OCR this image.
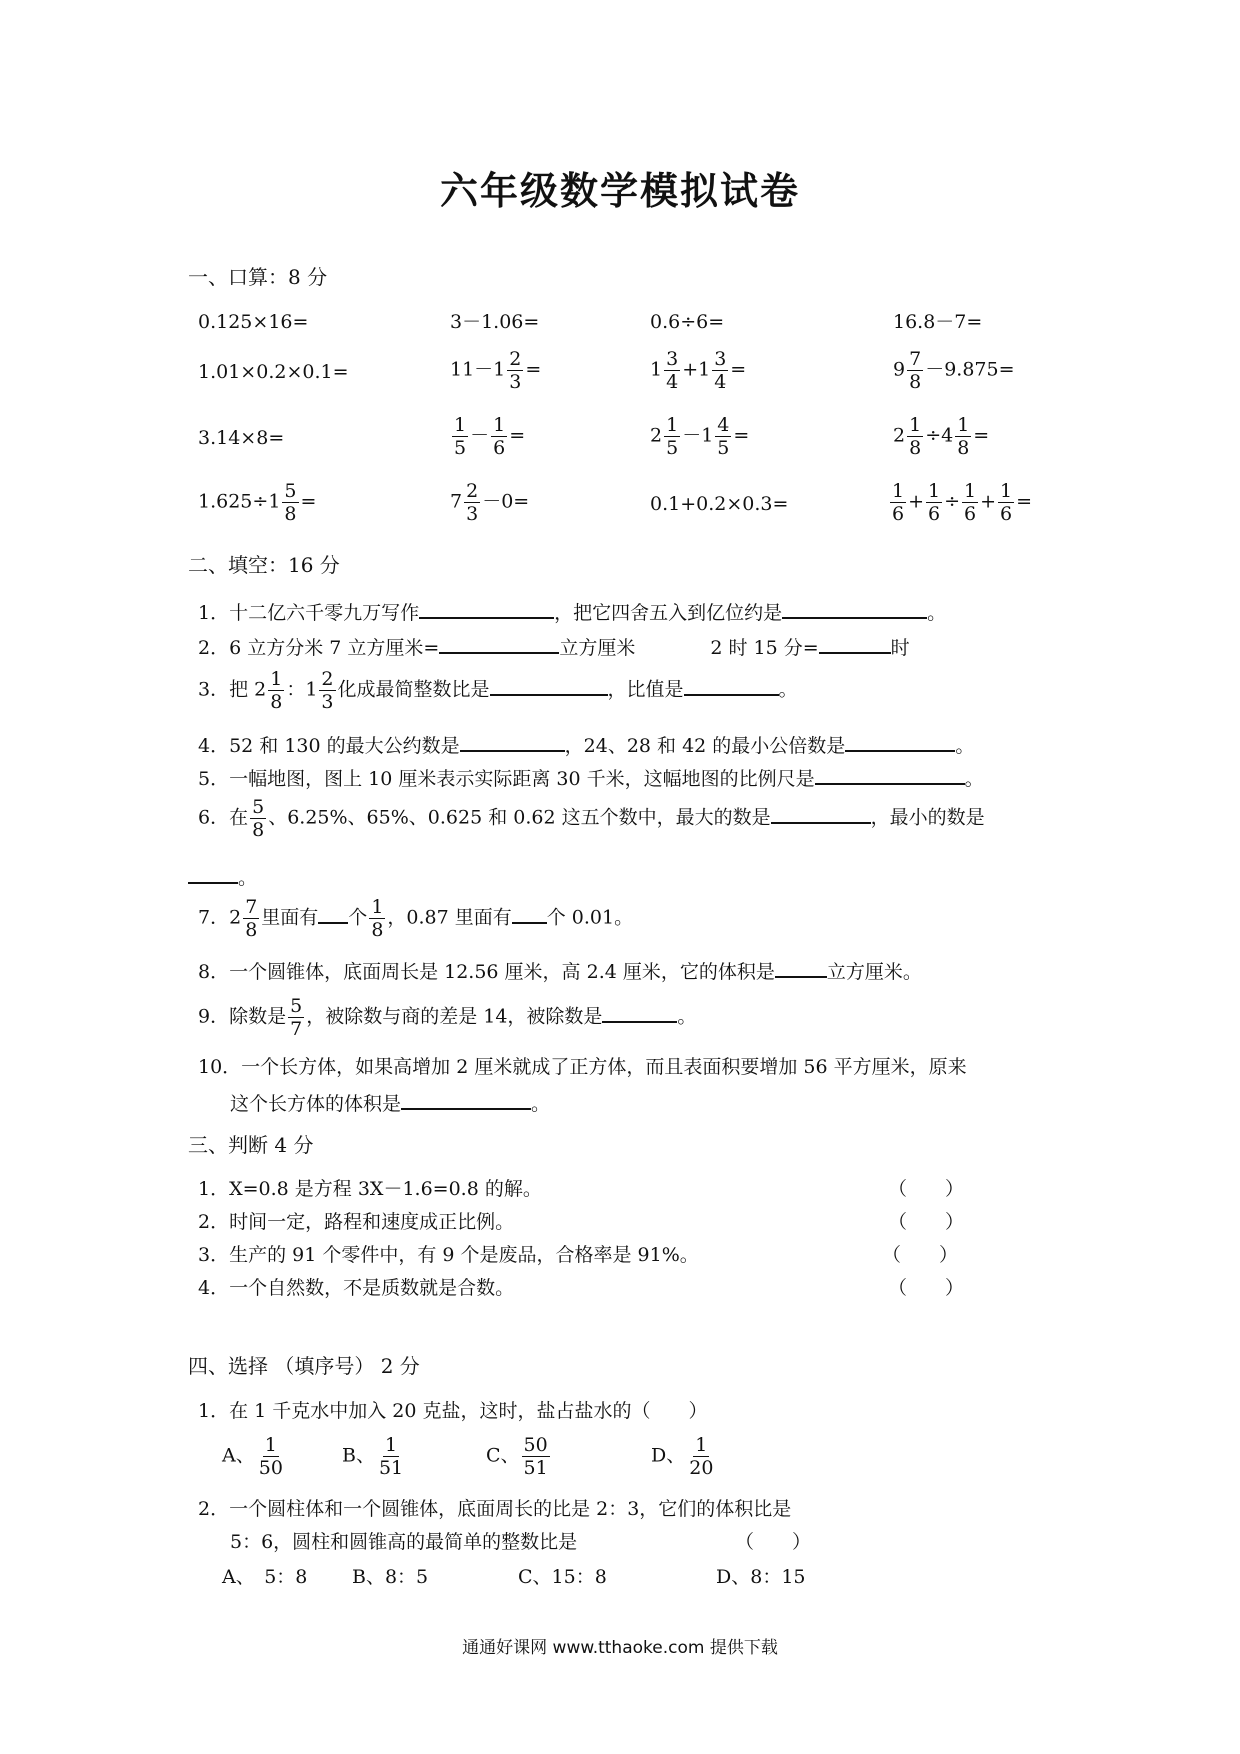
六年级数学模拟试卷
一、口算：8 分
0.125×16=	3－1.06=	0.6÷6=	16.8－7=
1.01×0.2×0.1=	$11-1 \frac{2}{3}$ =	$1 \frac{3}{4} +1 \frac{3}{4}$ =	$9 \frac{7}{8} -9.875=$
3.14×8=	$\frac{1}{5} - \frac{1}{6}$ =	$2 \frac{1}{5} -1 \frac{4}{5}$ =	$2 \frac{1}{8} \div 4 \frac{1}{8}$ =
$1.625\div 1 \frac{5}{8}$ =	$7 \frac{2}{3} -0=$	0.1+0.2×0.3=	$\frac{1}{6} + \frac{1}{6} \div \frac{1}{6} + \frac{1}{6}$ =
二、填空：16 分
1．十二亿六千零九万写作	，把它四舍五入到亿位约是	。
2．6 立方分米 7 立方厘米=	立方厘米	2 时 15 分=	时
3．把 $2 \frac{1}{8}$ ：$1 \frac{2}{3}$ 化成最简整数比是	，比值是	。
4．52 和 130 的最大公约数是	，24、28 和 42 的最小公倍数是	。
5．一幅地图，图上 10 厘米表示实际距离 30 千米，这幅地图的比例尺是	。
6．在 $\frac{5}{8}$ 、6.25%、65%、0.625 和 0.62 这五个数中，最大的数是	，最小的数是
。
7．$2 \frac{7}{8}$ 里面有 个 $\frac{1}{8}$ ，0.87 里面有 个 0.01。
8．一个圆锥体，底面周长是 12.56 厘米，高 2.4 厘米，它的体积是	立方厘米。
9．除数是 $\frac{5}{7}$ ，被除数与商的差是 14，被除数是	。
10．一个长方体，如果高增加 2 厘米就成了正方体，而且表面积要增加 56 平方厘米，原来
这个长方体的体积是	。
三、判断 4 分
1．X=0.8 是方程 3X－1.6=0.8 的解。	（　　）
2．时间一定，路程和速度成正比例。	（　　）
3．生产的 91 个零件中，有 9 个是废品，合格率是 91%。	（　　）
4．一个自然数，不是质数就是合数。	（　　）
四、选择 （填序号） 2 分
1．在 1 千克水中加入 20 克盐，这时，盐占盐水的（　　）
A、 $\frac{1}{50}$	B、 $\frac{1}{51}$	C、 $\frac{50}{51}$	D、 $\frac{1}{20}$
2．一个圆柱体和一个圆锥体，底面周长的比是 2：3，它们的体积比是
5：6，圆柱和圆锥高的最简单的整数比是	（　　）
A、　5：8 B、8：5	C、15：8	D、8：15
通通好课网 www.tthaoke.com 提供下载
